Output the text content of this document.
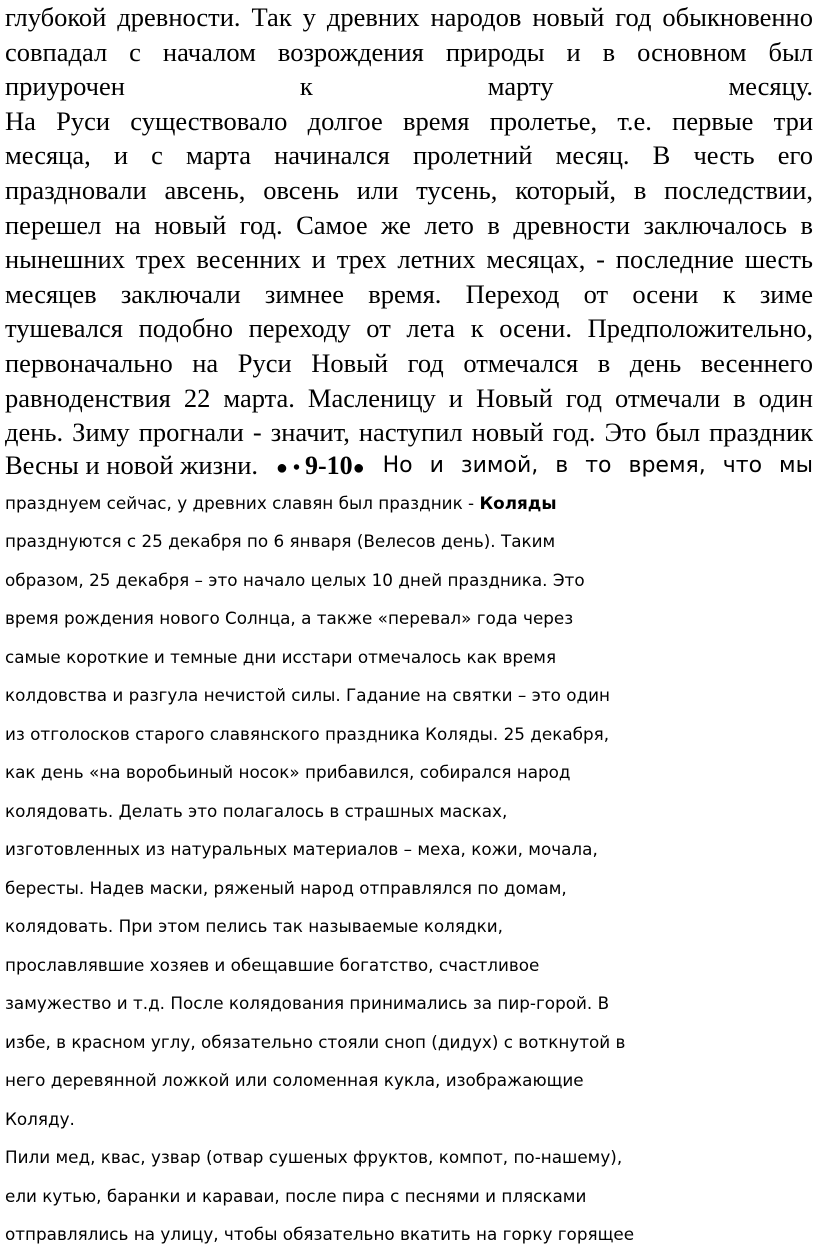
глубокой древности. Так у древних народов новый год обыкновенно
совпадал с началом возрождения природы и в основном был
приурочен к марту месяцу.
На Руси существовало долгое время пролетье, т.е. первые три
месяца, и с марта начинался пролетний месяц. В честь его
праздновали авсень, овсень или тусень, который, в последствии,
перешел на новый год. Самое же лето в древности заключалось в
нынешних трех весенних и трех летних месяцах, - последние шесть
месяцев заключали зимнее время. Переход от осени к зиме
тушевался подобно переходу от лета к осени. Предположительно,
первоначально на Руси Новый год отмечался в день весеннего
равноденствия 22 марта. Масленицу и Новый год отмечали в один
день. Зиму прогнали - значит, наступил новый год. Это был праздник
Весны и новой жизни. ● • 9-10● Но и зимой, в то время, что мы
празднуем сейчас, у древних славян был праздник - Коляды
празднуются с 25 декабря по 6 января (Велесов день). Таким
образом, 25 декабря – это начало целых 10 дней праздника. Это
время рождения нового Солнца, а также «перевал» года через
самые короткие и темные дни исстари отмечалось как время
колдовства и разгула нечистой силы. Гадание на святки – это один
из отголосков старого славянского праздника Коляды. 25 декабря,
как день «на воробьиный носок» прибавился, собирался народ
колядовать. Делать это полагалось в страшных масках,
изготовленных из натуральных материалов – меха, кожи, мочала,
бересты. Надев маски, ряженый народ отправлялся по домам,
колядовать. При этом пелись так называемые колядки,
прославлявшие хозяев и обещавшие богатство, счастливое
замужество и т.д. После колядования принимались за пир-горой. В
избе, в красном углу, обязательно стояли сноп (дидух) с воткнутой в
него деревянной ложкой или соломенная кукла, изображающие
Коляду.
Пили мед, квас, узвар (отвар сушеных фруктов, компот, по-нашему),
ели кутью, баранки и караваи, после пира с песнями и плясками
отправлялись на улицу, чтобы обязательно вкатить на горку горящее
